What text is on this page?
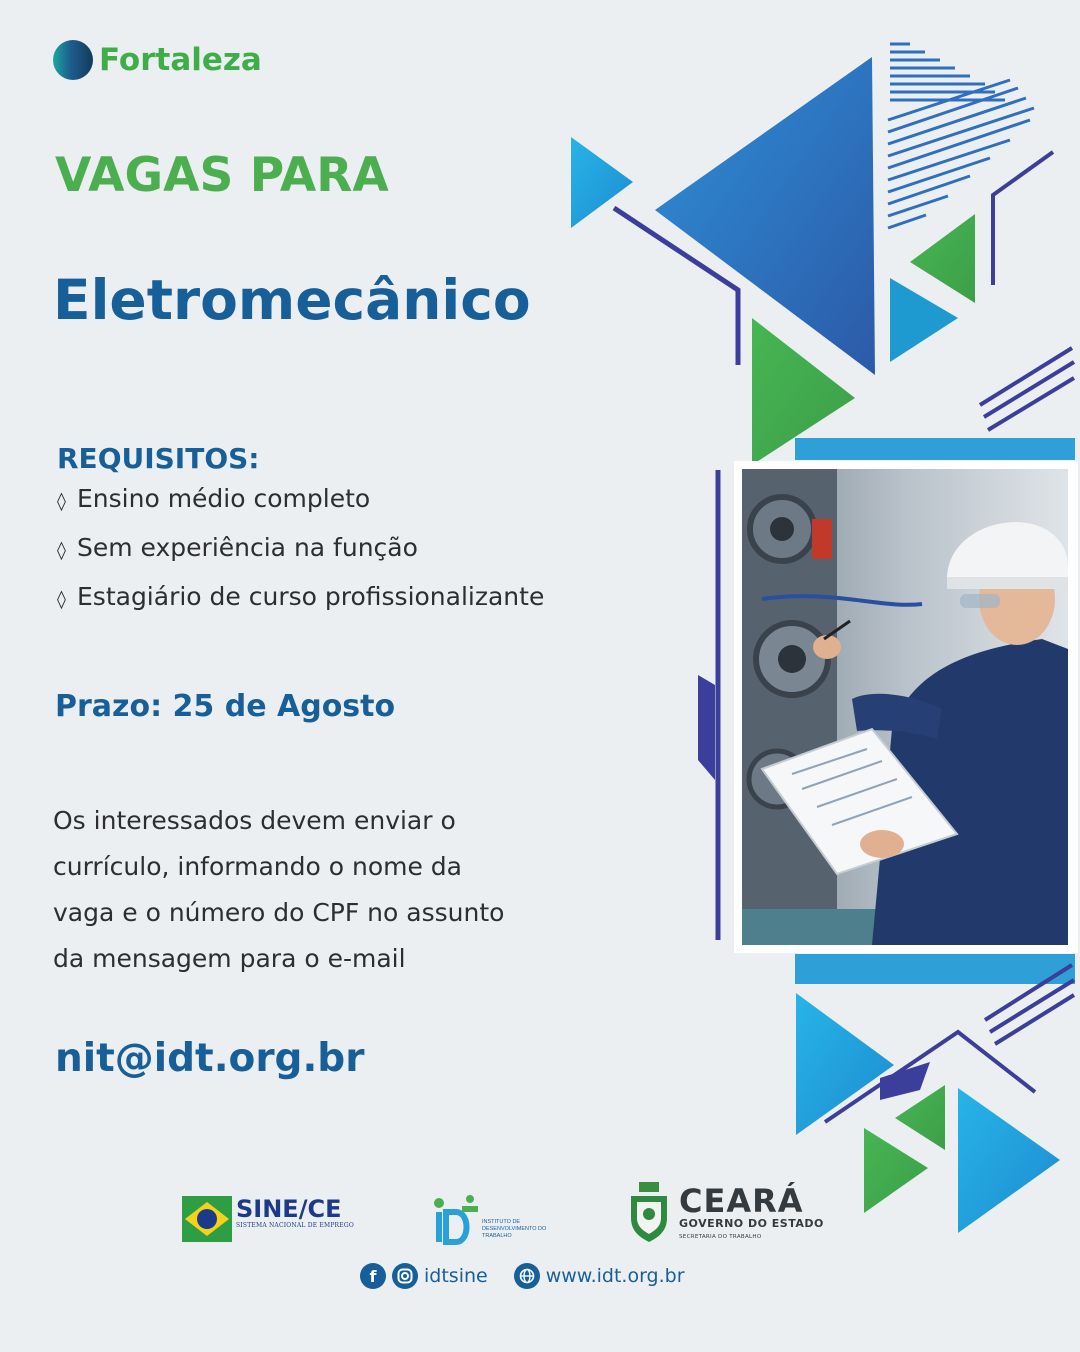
Fortaleza
VAGAS PARA
Eletromecânico
REQUISITOS:
◊ Ensino médio completo
◊ Sem experiência na função
◊ Estagiário de curso profissionalizante
Prazo: 25 de Agosto
Os interessados devem enviar o
currículo, informando o nome da
vaga e o número do CPF no assunto
da mensagem para o e-mail
nit@idt.org.br
SINE/CE
SISTEMA NACIONAL DE EMPREGO	INSTITUTO DE DESENVOLVIMENTO DO TRABALHO
CEARÁ
GOVERNO DO ESTADO
SECRETARIA DO TRABALHO
f	idtsine	www.idt.org.br
